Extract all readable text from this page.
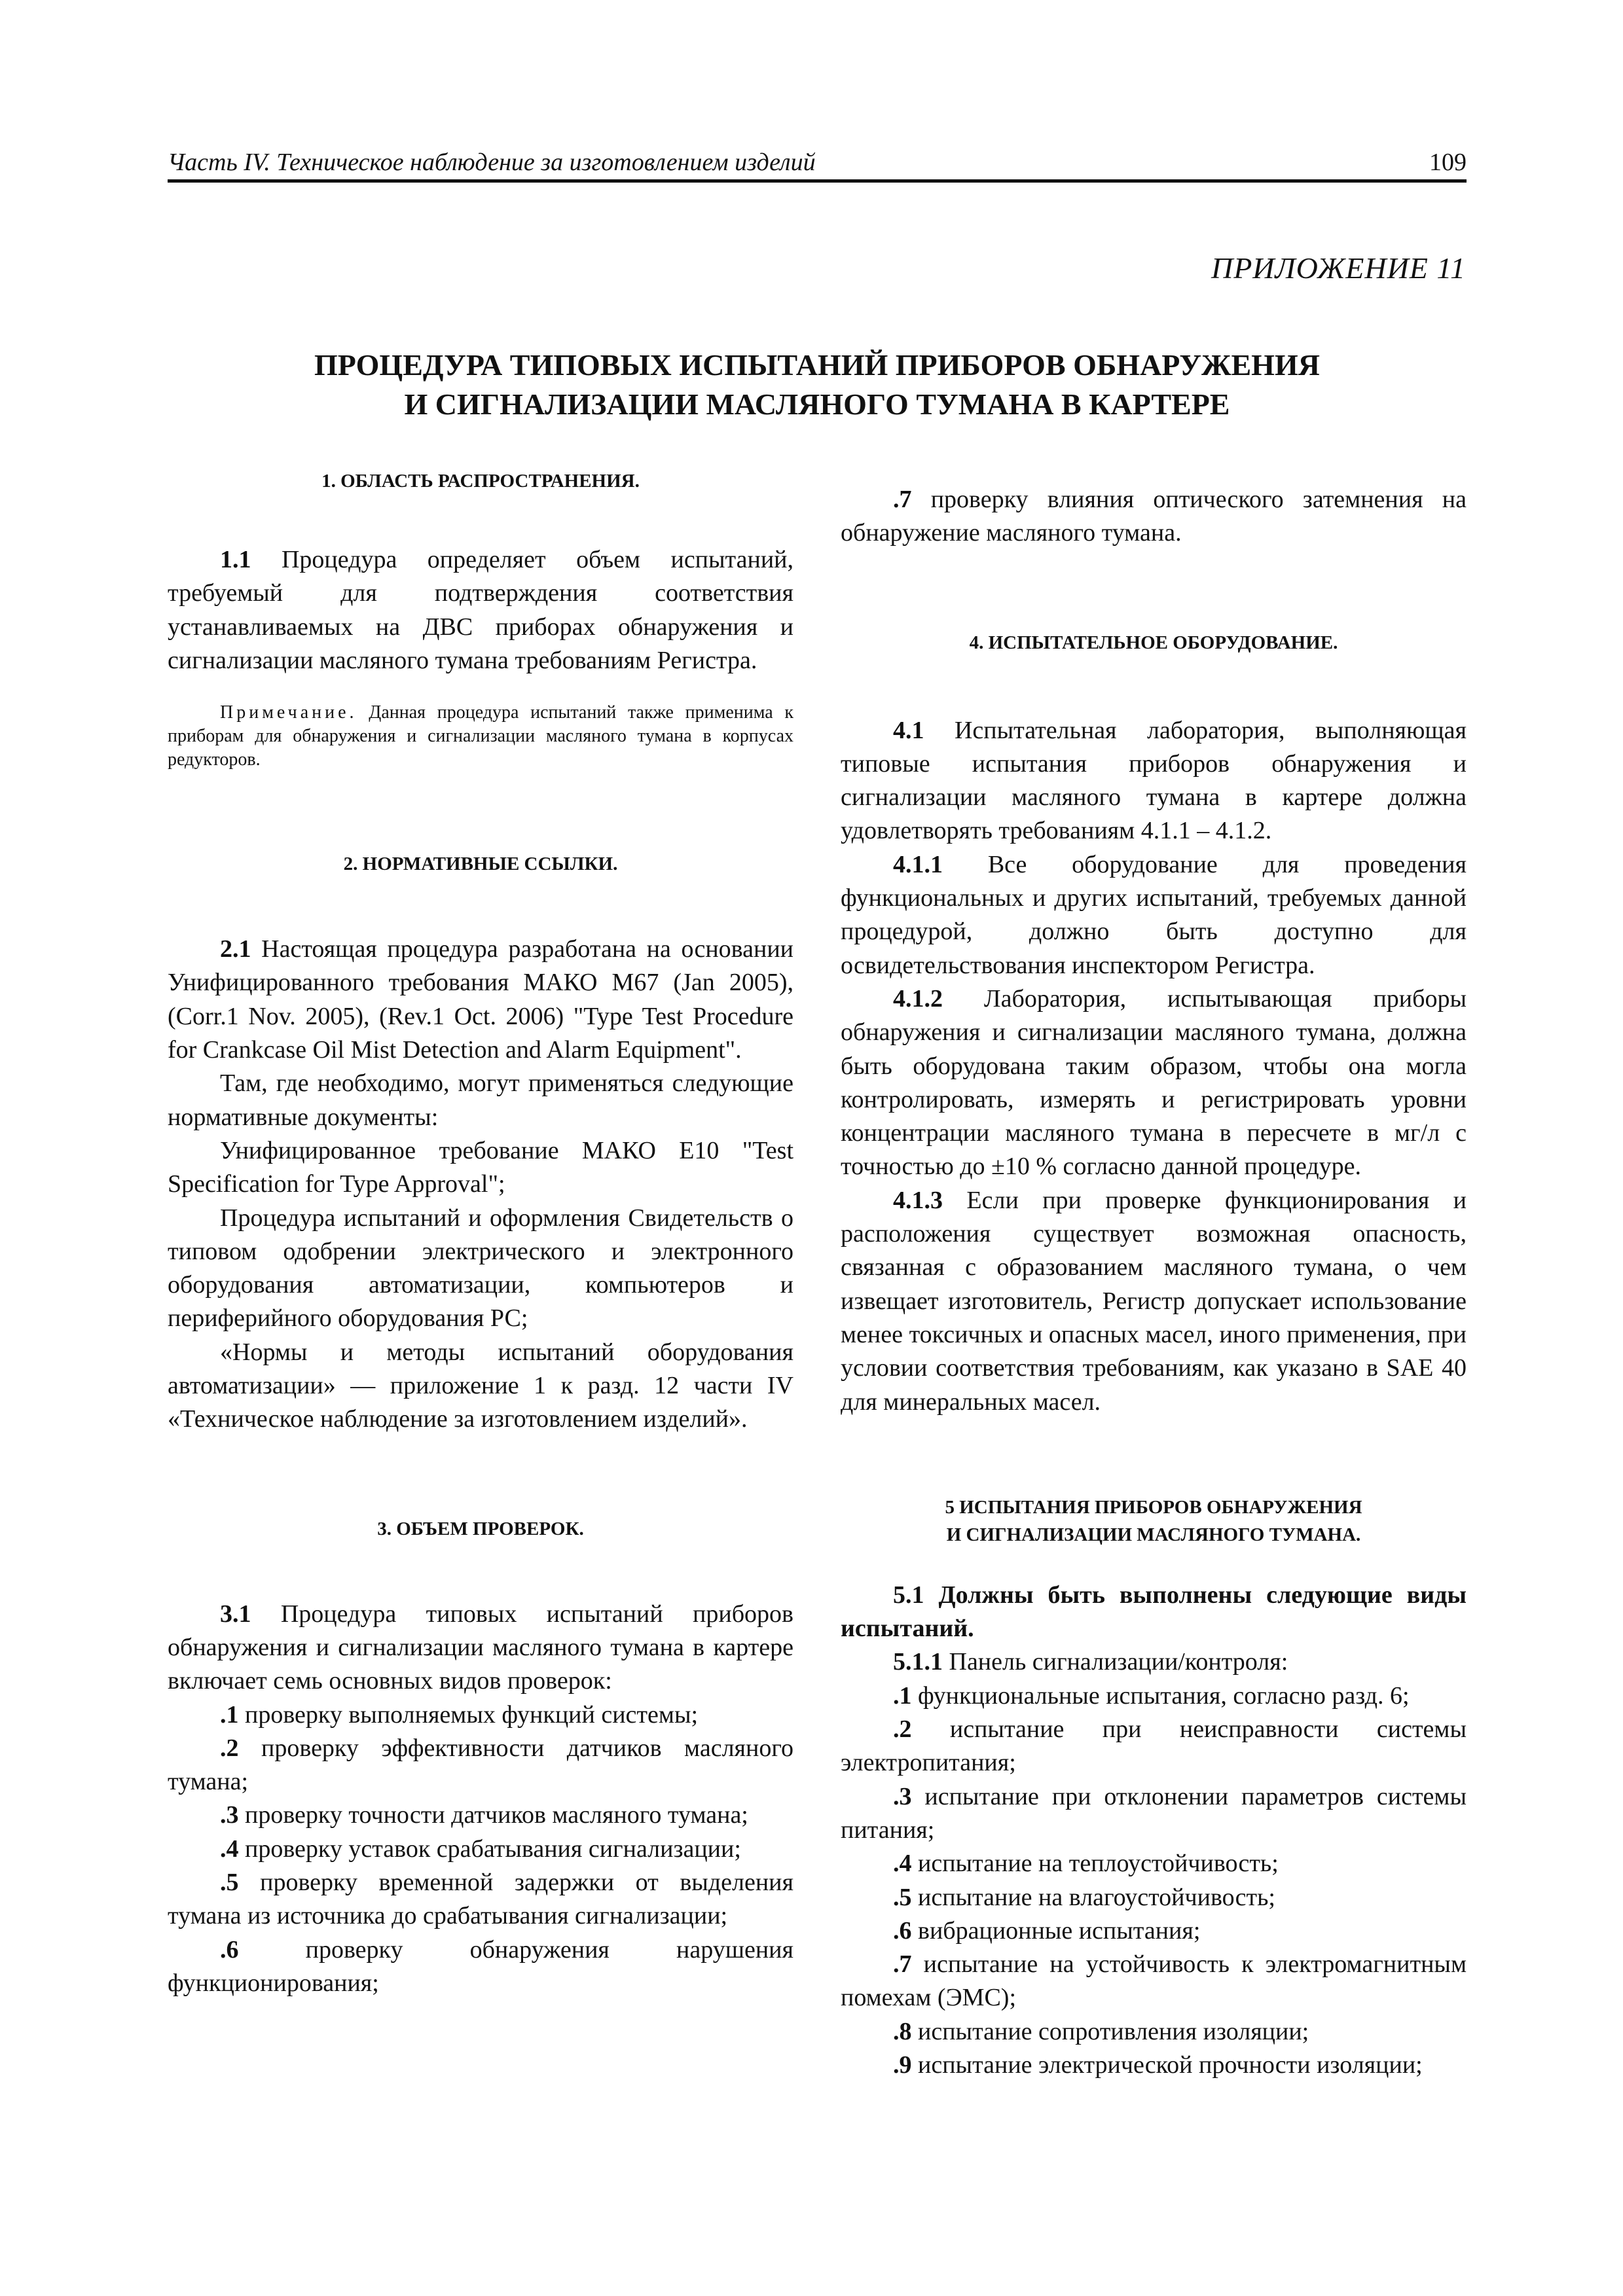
Часть IV. Техническое наблюдение за изготовлением изделий	109
ПРИЛОЖЕНИЕ 11
ПРОЦЕДУРА ТИПОВЫХ ИСПЫТАНИЙ ПРИБОРОВ ОБНАРУЖЕНИЯ
И СИГНАЛИЗАЦИИ МАСЛЯНОГО ТУМАНА В КАРТЕРЕ

1. ОБЛАСТЬ РАСПРОСТРАНЕНИЯ.

1.1 Процедура определяет объем испытаний, требуемый для подтверждения соответствия устанавливаемых на ДВС приборах обнаружения и сигнализации масляного тумана требованиям Регистра.

Примечание. Данная процедура испытаний также применима к приборам для обнаружения и сигнализации масляного тумана в корпусах редукторов.

2. НОРМАТИВНЫЕ ССЫЛКИ.

2.1 Настоящая процедура разработана на основании Унифицированного требования МАКО М67 (Jan 2005), (Corr.1 Nov. 2005), (Rev.1 Oct. 2006) "Type Test Procedure for Crankcase Oil Mist Detection and Alarm Equipment".

Там, где необходимо, могут применяться следующие нормативные документы:

Унифицированное требование МАКО Е10 "Test Specification for Type Approval";

Процедура испытаний и оформления Свидетельств о типовом одобрении электрического и электронного оборудования автоматизации, компьютеров и периферийного оборудования РС;

«Нормы и методы испытаний оборудования автоматизации» — приложение 1 к разд. 12 части IV «Техническое наблюдение за изготовлением изделий».

3. ОБЪЕМ ПРОВЕРОК.

3.1 Процедура типовых испытаний приборов обнаружения и сигнализации масляного тумана в картере включает семь основных видов проверок:

.1 проверку выполняемых функций системы;

.2 проверку эффективности датчиков масляного тумана;

.3 проверку точности датчиков масляного тумана;

.4 проверку уставок срабатывания сигнализации;

.5 проверку временной задержки от выделения тумана из источника до срабатывания сигнализации;

.6 проверку обнаружения нарушения функционирования;

.7 проверку влияния оптического затемнения на обнаружение масляного тумана.

4. ИСПЫТАТЕЛЬНОЕ ОБОРУДОВАНИЕ.

4.1 Испытательная лаборатория, выполняющая типовые испытания приборов обнаружения и сигнализации масляного тумана в картере должна удовлетворять требованиям 4.1.1 – 4.1.2.

4.1.1 Все оборудование для проведения функциональных и других испытаний, требуемых данной процедурой, должно быть доступно для освидетельствования инспектором Регистра.

4.1.2 Лаборатория, испытывающая приборы обнаружения и сигнализации масляного тумана, должна быть оборудована таким образом, чтобы она могла контролировать, измерять и регистрировать уровни концентрации масляного тумана в пересчете в мг/л с точностью до ±10 % согласно данной процедуре.

4.1.3 Если при проверке функционирования и расположения существует возможная опасность, связанная с образованием масляного тумана, о чем извещает изготовитель, Регистр допускает использование менее токсичных и опасных масел, иного применения, при условии соответствия требованиям, как указано в SAE 40 для минеральных масел.

5 ИСПЫТАНИЯ ПРИБОРОВ ОБНАРУЖЕНИЯ

И СИГНАЛИЗАЦИИ МАСЛЯНОГО ТУМАНА.

5.1 Должны быть выполнены следующие виды испытаний.

5.1.1 Панель сигнализации/контроля:

.1 функциональные испытания, согласно разд. 6;

.2 испытание при неисправности системы электропитания;

.3 испытание при отклонении параметров системы питания;

.4 испытание на теплоустойчивость;

.5 испытание на влагоустойчивость;

.6 вибрационные испытания;

.7 испытание на устойчивость к электромагнитным помехам (ЭМС);

.8 испытание сопротивления изоляции;

.9 испытание электрической прочности изоляции;
